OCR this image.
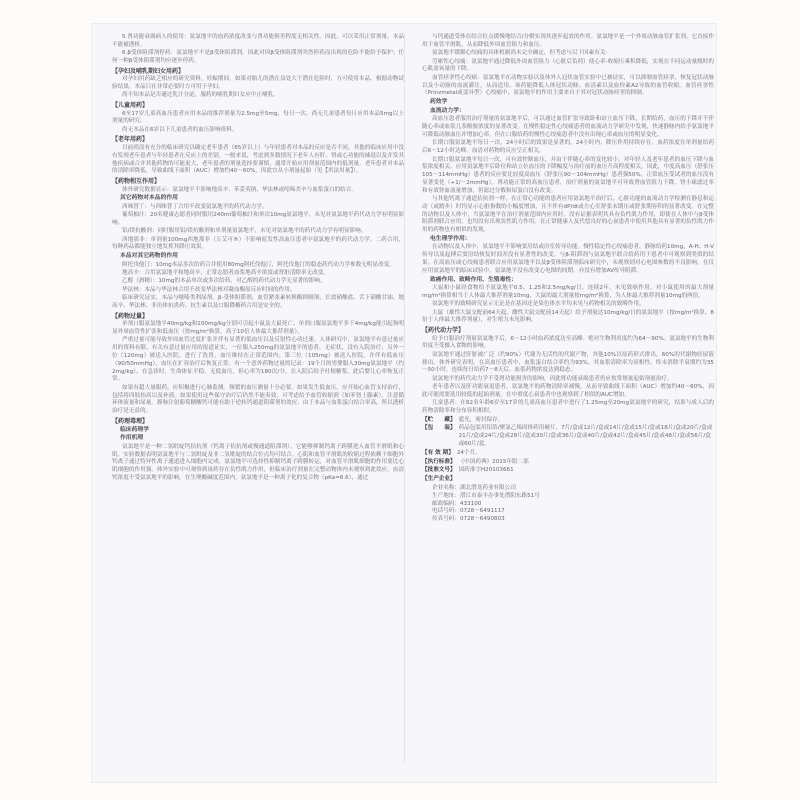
5.肾功能衰竭病人的使用：氨氯地平的血药浓度改变与肾功能损害程度无相关性。因此，可以采用正常剂量。本品不能被透析。

6.β受体阻滞剂停药：氨氯地平不是β受体阻滞剂，因此对因β受体阻滞剂突然停药而出现的危险不能给予保护；任何一种β受体阻滞剂均应逐步停药。

【孕妇及哺乳期妇女用药】

对孕妇用药缺乏相应的研究资料，妊娠期间，如果对胎儿的潜在益处大于潜在危险时，方可使用本品。根据动物试验结果，本品只在非常必要时方可用于孕妇。

尚不知本品是否通过乳汁分泌，服药的哺乳期妇女应中止哺乳。

【儿童用药】

6至17岁儿童高血压患者应用本品的推荐剂量为2.5mg至5mg，每日一次。尚无儿童患者每日应用本品5mg以上剂量的研究。

尚无本品在6岁以下儿童患者的血压影响资料。

【老年用药】

目前尚没有充分的临床研究以确定老年患者（65岁以上）与年轻患者对本品的反应是否不同。其他的临床应用中没有发现老年患者与年轻患者在反应上的差别。一般来说，考虑到多数情况下老年人有肝、肾或心功能的减退以及并发其他疾病或合并其他药物的可能更大，老年患者的剂量选择要谨慎，通常开始应用剂量范围内的低剂量。老年患者对本品的清除率降低，导致曲线下面积（AUC）增加约40～60%，因此宜从小剂量起始（见【用法用量】）。

【药物相互作用】

体外研究数据显示：氨氯地平不影响地高辛、苯妥英钠、华法林或吲哚美辛与血浆蛋白的结合。

其它药物对本品的作用

西咪替丁：与西咪替丁合用不改变氨氯地平的药代动力学。

葡萄柚汁：20名健康志愿者同时服用240ml葡萄柚汁和单次10mg氨氯地平，未见对氨氯地平药代动力学有明显影响。

铝/镁抗酸剂：同时服用铝/镁抗酸剂和单剂量氨氯地平，未见对氨氯地平的药代动力学有明显影响。

西地那非：单剂量100mg西地那非（万艾可®）不影响原发性高血压患者中氨氯地平的药代动力学。二药合用，每种药品都能独立地发挥其降压效果。

本品对其它药物的作用

阿托伐他汀：10mg本品多次给药合并使用80mg阿托伐他汀，阿托伐他汀的稳态药代动力学参数无明显改变。

地高辛：合用氨氯地平和地高辛，正常志愿者血浆地高辛浓度或肾脏清除率无改变。

乙醇（酒精）：10mg的本品单次或多次给药，对乙醇的药代动力学无显著的影响。

华法林：本品与华法林合用不改变华法林对凝血酶原反应时间的作用。

临床研究证实，本品与噻嗪类利尿剂、β-受体阻滞剂、血管紧张素转换酶抑制剂、长效硝酸盐、舌下硝酸甘油、地高辛、华法林、非甾体抗炎药、抗生素以及口服降糖药合用是安全的。

【药物过量】

单剂口服氨氯地平40mg/kg和100mg/kg分别可引起小鼠及大鼠死亡。单剂口服氨氯地平多于4mg/kg能引起狗明显外周血管性扩张和低血压（按mg/m²换算，高于10倍人体最大推荐剂量）。

严重过量可能导致外周血管过度扩张并伴有显著的低血压以及反射性心动过速。人体研究中，氨氯地平有意过量应用的资料有限。有关有意过量应用的报道证实，一位服入250mg的氨氯地平的患者，无症状，没有入院治疗；另外一位（120mg）被送入医院，进行了洗胃，血压维持在正常范围内；第三位（105mg）被送入医院，并伴有低血压（90/50mmHg），血压在扩容治疗后恢复正常。有一个意外药物过量的记录：19个月的男婴服入30mg氨氯地平（约2mg/kg）。在急诊时，生命体征平稳，无低血压，但心率为180次/分。在入院后给予吐根糖浆。此后婴儿心率恢复正常。

如果有超大量服药，应积极进行心肺监测。频繁的血压测量十分必要。如果发生低血压，应开始心血管支持治疗，包括将四肢抬高以及补液。如果使用这些保守治疗后仍然不能奏效，可考虑给予血管收缩剂（如苯肾上腺素），注意循环体液量和尿量。静脉注射葡萄糖酸钙可能有助于逆转钙通道阻滞剂的效应。由于本品与血浆蛋白结合率高，所以透析治疗是无益的。

【药理毒理】
临床药理学
作用机理

氨氯地平是一种二氢吡啶钙拮抗剂（钙离子拮抗剂或慢通道阻滞剂），它能够抑制钙离子跨膜进入血管平滑肌和心肌。实验数据表明氨氯地平与二氢吡啶及非二氢吡啶的结合位点均可结合。心肌和血管平滑肌的收缩过程依赖于细胞外钙离子通过特异性离子通道进入细胞内完成。氨氯地平可选择性抑制钙离子跨膜转运，对血管平滑肌细胞的作用要比心肌细胞的作用强。体外实验中可观察到该药存在负性肌力作用，但临床治疗剂量在完整动物体内未观察到此效应。血清钙浓度不受氨氯地平的影响。在生理酸碱度范围内，氨氯地平是一种离子化的复合物（pKa=8.6），通过

与钙通道受体在结合位点缓慢地结合/分解实现其逐步起效的作用。氨氯地平是一个外周动脉血管扩张剂，它直接作用于血管平滑肌，从而降低外周血管阻力和血压。

氨氯地平缓解心绞痛的具体机制尚未完全确定，但考虑与以下因素有关：

劳累性心绞痛：氨氯地平通过降低外周血管阻力（心脏后负荷）使心率-收缩压乘积降低，实现在不同运动量级时的心肌需氧量的下降。

血管痉挛性心绞痛：氨氯地平在动物实验以及体外人冠状血管实验中已被证实，可以抑制血管痉挛，恢复冠状动脉以及小动脉的血流灌注，从而适用。该药能降低人体冠状动脉、血清素以及血栓素A2导致的血管收缩。血管痉挛性（Prinzmetal或变异型）心绞痛中，氨氯地平的作用主要来自于其对冠状动脉痉挛的抑制。

药效学
血流动力学：

高血压患者服用治疗剂量的氨氯地平后，可以通过血管扩张导致卧和站立血压下降。长期给药，血压的下降并不伴随心率或血浆儿茶酚胺浓度的显著改变。在慢性稳定性心绞痛患者的血流动力学研究中发现，快速静脉内给予氨氯地平可降低动脉血压并增加心率，但在口服给药的慢性心绞痛患者中没有出现心率或血压的明显变化。

长期口服氨氯地平每日一次，24小时后的效果是显著的，24小时内，降压作用持续存在，血药浓度在单剂量给药后6～12小时达峰，血清对药物的反应呈正相关。

长期口服氨氯地平每日一次，可有效控制血压，并由于伴随心率的变化较小，对年轻人及老年患者的血压下降与血浆浓度相关。应用氨氯地平后卧位和站立位血压的下降幅度与治疗前的血压升高程度相关，因此，中度高血压（舒张压105～114mmHg）患者的反应要比轻度高血压（舒张压90～104mmHg）患者强50%。正常血压受试者的血压没有显著变化（+1/－2mmHg）。肾功能正常的高血压患者，治疗剂量的氨氯地平可导致肾血管阻力下降，肾小球滤过率和有效肾血流量增加，但滤过分数和尿蛋白没有改变。

与其他钙离子通道拮抗剂一样，在正常心功能的患者应用氨氯地平治疗后，心脏功能的血流动力学检测在静息和运动（或踏步）时均显示心脏指数的小幅度增加，且不伴有dP/dt或左心室舒张末期压或舒张期容积的显著改变。在完整的动物以及人体中，当氨氯地平在治疗剂量范围内应用时，没有证据表明其具有负性肌力作用，即使在人体中与β受体阻滞剂联合应用，也均没有出现负性肌力作用。在正常健康人及代偿良好的心衰患者中使用其他具有显著的负性肌力作用的药物也有相似的发现。

电生理学作用：

在动物以及人体中，氨氯地平不影响窦房结或房室传导功能。慢性稳定性心绞痛患者，静脉给药10mg，A-H、H-V传导以及起搏后窦房结恢复时间并没有显著性的改变。与β-阻滞剂与氨氯地平联合给药用于患者中可观察到类似的结果。在高血压或心绞痛患者联合应用氨氯地平以及β受体阻滞剂临床研究中，未观察到对心电图参数的不良影响。在仅应用氨氯地平的临床试验中，氨氯地平没有改变心电图的间期，亦没有增加AV传导阻滞。

致癌作用、致畸作用、生殖毒性：

大鼠和小鼠经食物给予氨氯地平0.5、1.25和2.5mg/kg/日，连续2年，未见致癌作用。对小鼠使用的最大剂量mg/m²换算相当于人体最大推荐剂量10mg，大鼠的最大剂量按mg/m²换算，为人体最大推荐剂量10mg的两倍。

氨氯地平的致畸研究显示无论是在基因还是染色体水平均未见与药物相关的致畸作用。

大鼠（雄性大鼠交配前64天起，雌性大鼠交配前14天起）给予剂量达10mg/kg/日的氨氯地平（按mg/m²换算，8倍于人体最大推荐剂量），对生殖力未见影响。

【药代动力学】

给予口服治疗剂量氨氯地平后，6～12小时血药浓度达至高峰。绝对生物利用度约为64～90%。氨氯地平的生物利用度不受摄入食物的影响。

氨氯地平通过肝脏被广泛（约90%）代谢为无活性的代谢产物，其他10%以原药形式排出，60%的代谢物经尿液排出。体外研究表明，在高血压患者中，血浆蛋白结合率约为93%。其血浆清除率为双相性，终末消除半衰期约为35～50小时。连续每日给药7～8天后，血浆药物浓度达到稳态。

氨氯地平的药代动力学不受肾功能损害的影响，因此肾功能衰竭患者仍应按常规量起始剂量治疗。

老年患者以及肝功能衰退患者，氨氯地平的药物清除率减慢，从而导致曲线下面积（AUC）增加约40～60%，因此可能需要选用较低的起始剂量。在中重度心衰患者中也观察到了相似的AUC增加。

儿童患者：在62名年龄6岁至17岁的儿童高血压患者中进行了1.25mg至20mg氨氯地平的研究，结果与成人后的药物清除率和分布容积相似。

【贮　　藏】 遮光，密封保存。
【包　　装】 药品包装用铝箔/聚氯乙烯固体药用硬片，7片/盒或12片/盒或14片/盒或15片/盒或18片/盒或20片/盒或21片/盒或24片/盒或28片/盒或30片/盒或36片/盒或40片/盒或42片/盒或45片/盒或48片/盒或56片/盒或60片/盒。
【有 效 期】 24个月。
【执行标准】 《中国药典》2015年版二部
【批准文号】 国药准字H20103661
【生产企业】
企业名称：湖北潜龙药业有限公司
生产地址：潜江市泰丰办事处潜阳东路51号
邮政编码：433100
电话号码：0728－6491117
传真号码：0728－6490803
